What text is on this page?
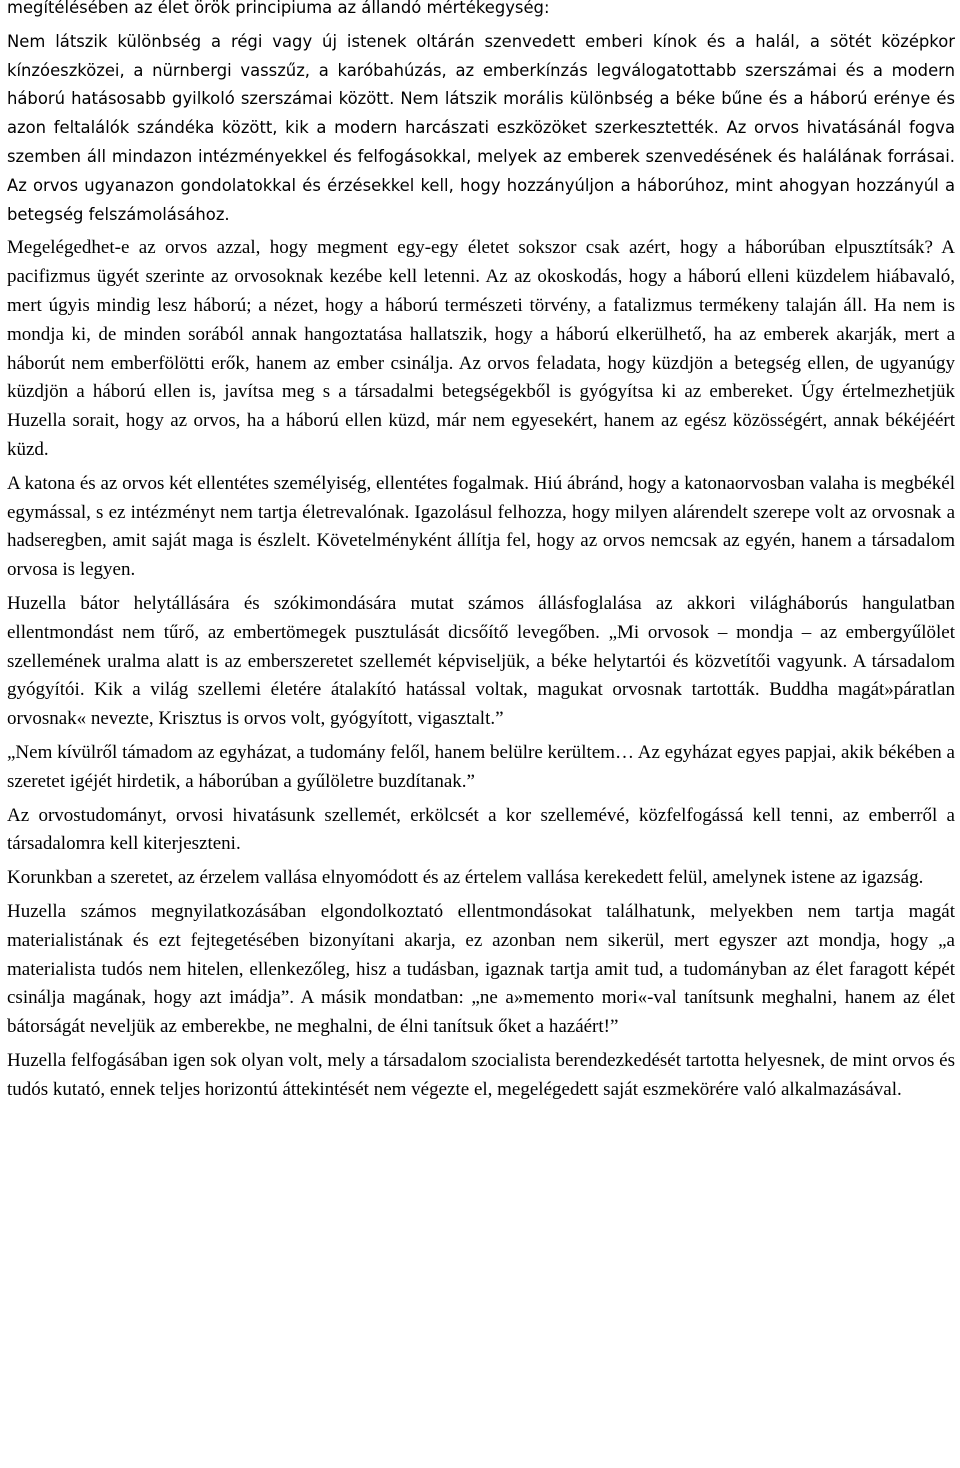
megítélésében az élet örök principiuma az állandó mértékegység:

Nem látszik különbség a régi vagy új istenek oltárán szenvedett emberi kínok és a halál, a sötét középkor kínzóeszközei, a nürnbergi vasszűz, a karóbahúzás, az emberkínzás legválogatottabb szerszámai és a modern háború hatásosabb gyilkoló szerszámai között. Nem látszik morális különbség a béke bűne és a háború erénye és azon feltalálók szándéka között, kik a modern harcászati eszközöket szerkesztették. Az orvos hivatásánál fogva szemben áll mindazon intézményekkel és felfogásokkal, melyek az emberek szenvedésének és halálának forrásai. Az orvos ugyanazon gondolatokkal és érzésekkel kell, hogy hozzányúljon a háborúhoz, mint ahogyan hozzányúl a betegség felszámolásához.

Megelégedhet-e az orvos azzal, hogy megment egy-egy életet sokszor csak azért, hogy a háborúban elpusztítsák? A pacifizmus ügyét szerinte az orvosoknak kezébe kell letenni. Az az okoskodás, hogy a háború elleni küzdelem hiábavaló, mert úgyis mindig lesz háború; a nézet, hogy a háború természeti törvény, a fatalizmus termékeny talaján áll. Ha nem is mondja ki, de minden sorából annak hangoztatása hallatszik, hogy a háború elkerülhető, ha az emberek akarják, mert a háborút nem emberfölötti erők, hanem az ember csinálja. Az orvos feladata, hogy küzdjön a betegség ellen, de ugyanúgy küzdjön a háború ellen is, javítsa meg s a társadalmi betegségekből is gyógyítsa ki az embereket. Úgy értelmezhetjük Huzella sorait, hogy az orvos, ha a háború ellen küzd, már nem egyesekért, hanem az egész közösségért, annak békéjéért küzd.

A katona és az orvos két ellentétes személyiség, ellentétes fogalmak. Hiú ábránd, hogy a katonaorvosban valaha is megbékél egymással, s ez intézményt nem tartja életrevalónak. Igazolásul felhozza, hogy milyen alárendelt szerepe volt az orvosnak a hadseregben, amit saját maga is észlelt. Követelményként állítja fel, hogy az orvos nemcsak az egyén, hanem a társadalom orvosa is legyen.

Huzella bátor helytállására és szókimondására mutat számos állásfoglalása az akkori világháborús hangulatban ellentmondást nem tűrő, az embertömegek pusztulását dicsőítő levegőben. „Mi orvosok – mondja – az embergyűlölet szellemének uralma alatt is az emberszeretet szellemét képviseljük, a béke helytartói és közvetítői vagyunk. A társadalom gyógyítói. Kik a világ szellemi életére átalakító hatással voltak, magukat orvosnak tartották. Buddha magát»páratlan orvosnak« nevezte, Krisztus is orvos volt, gyógyított, vigasztalt.”

„Nem kívülről támadom az egyházat, a tudomány felől, hanem belülre kerültem… Az egyházat egyes papjai, akik békében a szeretet igéjét hirdetik, a háborúban a gyűlöletre buzdítanak.”

Az orvostudományt, orvosi hivatásunk szellemét, erkölcsét a kor szellemévé, közfelfogássá kell tenni, az emberről a társadalomra kell kiterjeszteni.

Korunkban a szeretet, az érzelem vallása elnyomódott és az értelem vallása kerekedett felül, amelynek istene az igazság.

Huzella számos megnyilatkozásában elgondolkoztató ellentmondásokat találhatunk, melyekben nem tartja magát materialistának és ezt fejtegetésében bizonyítani akarja, ez azonban nem sikerül, mert egyszer azt mondja, hogy „a materialista tudós nem hitelen, ellenkezőleg, hisz a tudásban, igaznak tartja amit tud, a tudományban az élet faragott képét csinálja magának, hogy azt imádja”. A másik mondatban: „ne a»memento mori«-val tanítsunk meghalni, hanem az élet bátorságát neveljük az emberekbe, ne meghalni, de élni tanítsuk őket a hazáért!”

Huzella felfogásában igen sok olyan volt, mely a társadalom szocialista berendezkedését tartotta helyesnek, de mint orvos és tudós kutató, ennek teljes horizontú áttekintését nem végezte el, megelégedett saját eszmekörére való alkalmazásával.
